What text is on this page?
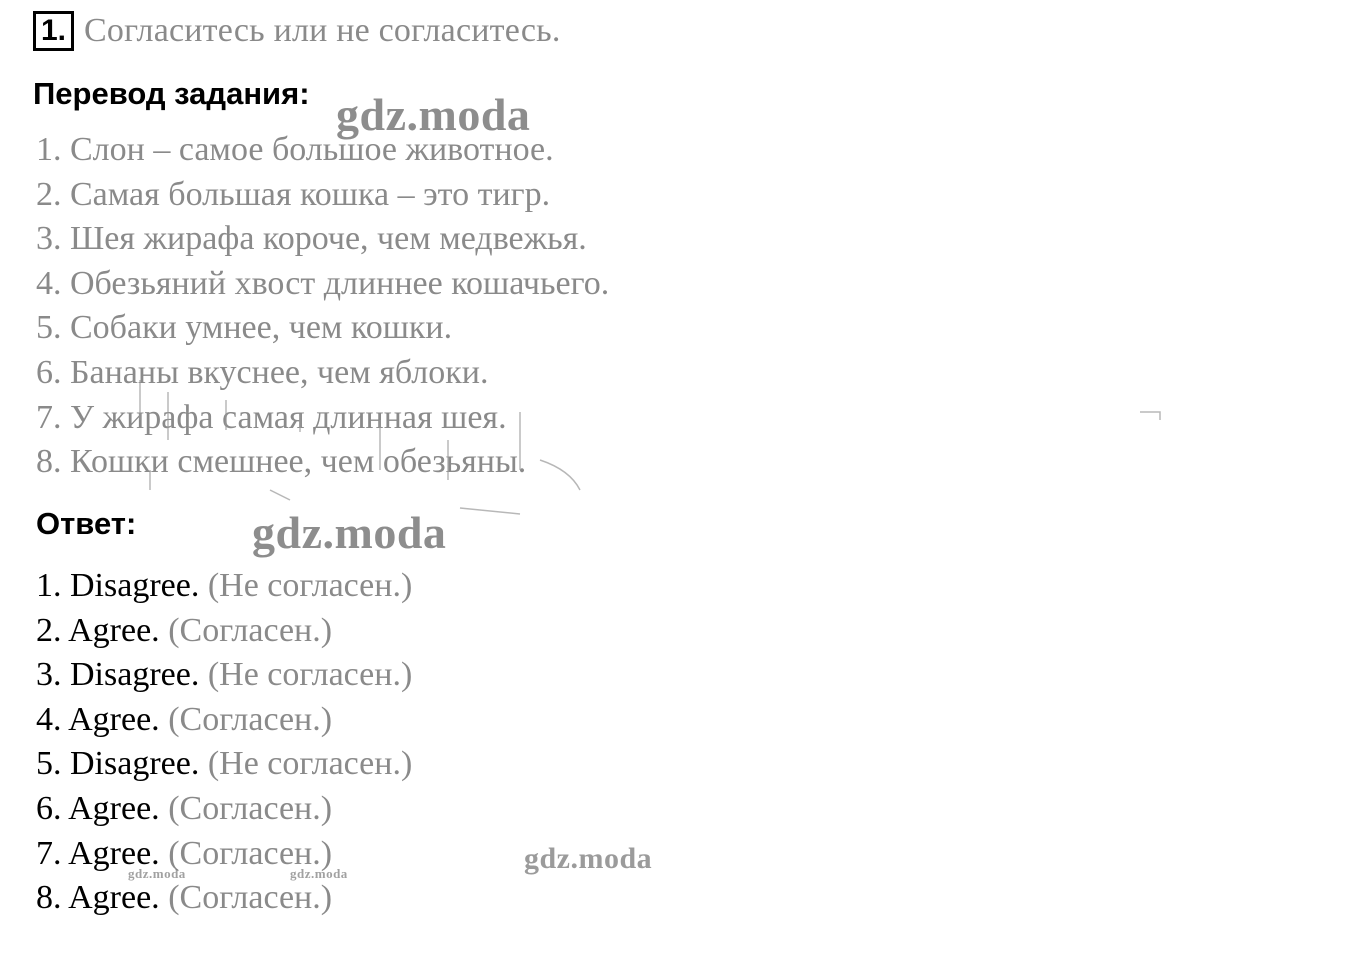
1. Согласитесь или не согласитесь.
Перевод задания:
1. Слон – самое большое животное.
2. Самая большая кошка – это тигр.
3. Шея жирафа короче, чем медвежья.
4. Обезьяний хвост длиннее кошачьего.
5. Собаки умнее, чем кошки.
6. Бананы вкуснее, чем яблоки.
7. У жирафа самая длинная шея.
8. Кошки смешнее, чем обезьяны.
Ответ:
1. Disagree. (Не согласен.)
2. Agree. (Согласен.)
3. Disagree. (Не согласен.)
4. Agree. (Согласен.)
5. Disagree. (Не согласен.)
6. Agree. (Согласен.)
7. Agree. (Согласен.)
8. Agree. (Согласен.)
gdz.moda
gdz.moda
gdz.moda
gdz.moda	gdz.moda
